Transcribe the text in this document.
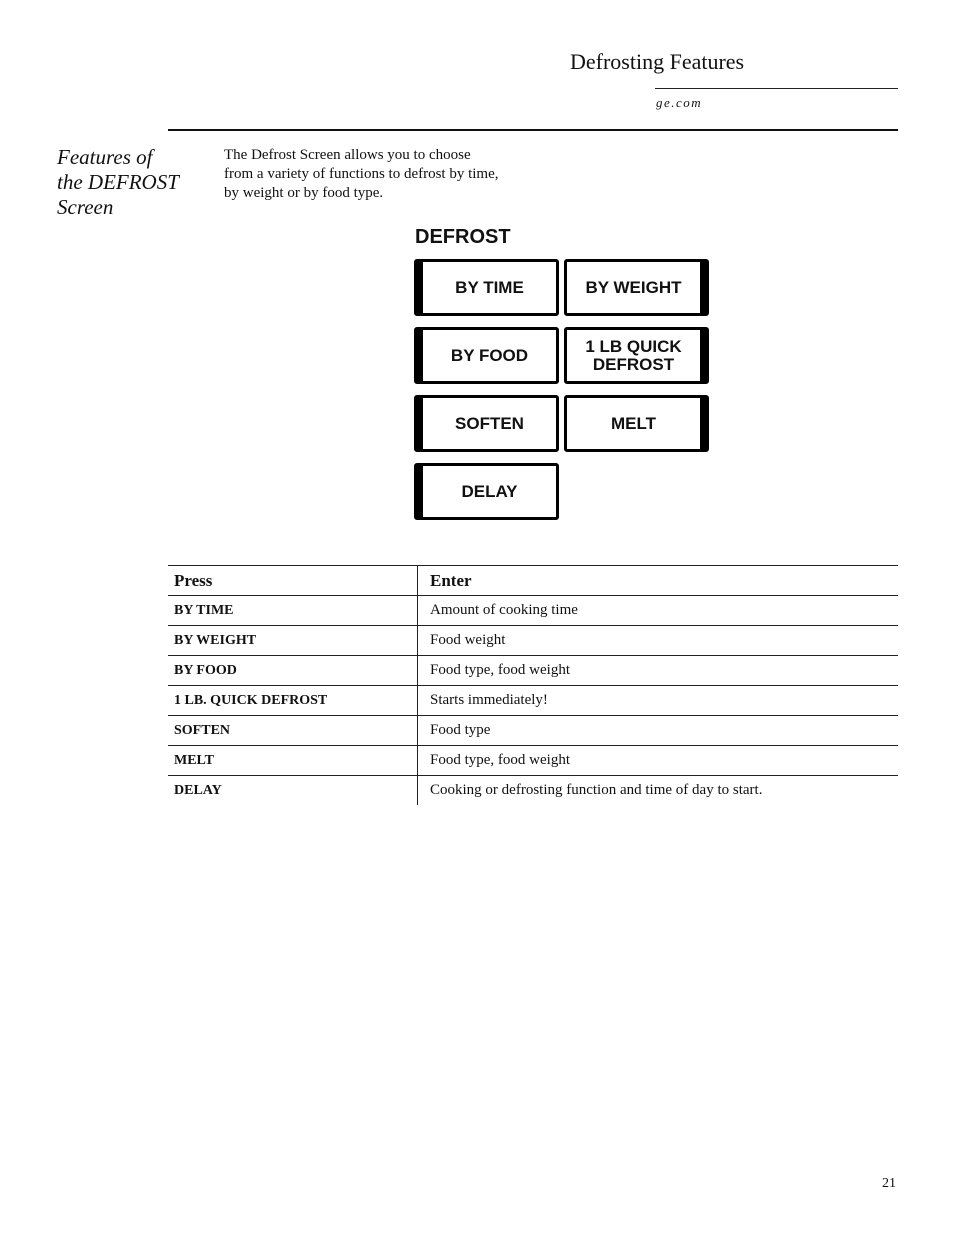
Defrosting Features
ge.com
Features of
the DEFROST
Screen
The Defrost Screen allows you to choose
from a variety of functions to defrost by time,
by weight or by food type.
DEFROST
BY TIME	BY WEIGHT
BY FOOD	1 LB QUICK
DEFROST
SOFTEN	MELT
DELAY
Press	Enter
BY TIME	Amount of cooking time
BY WEIGHT	Food weight
BY FOOD	Food type, food weight
1 LB. QUICK DEFROST	Starts immediately!
SOFTEN	Food type
MELT	Food type, food weight
DELAY	Cooking or defrosting function and time of day to start.
21
